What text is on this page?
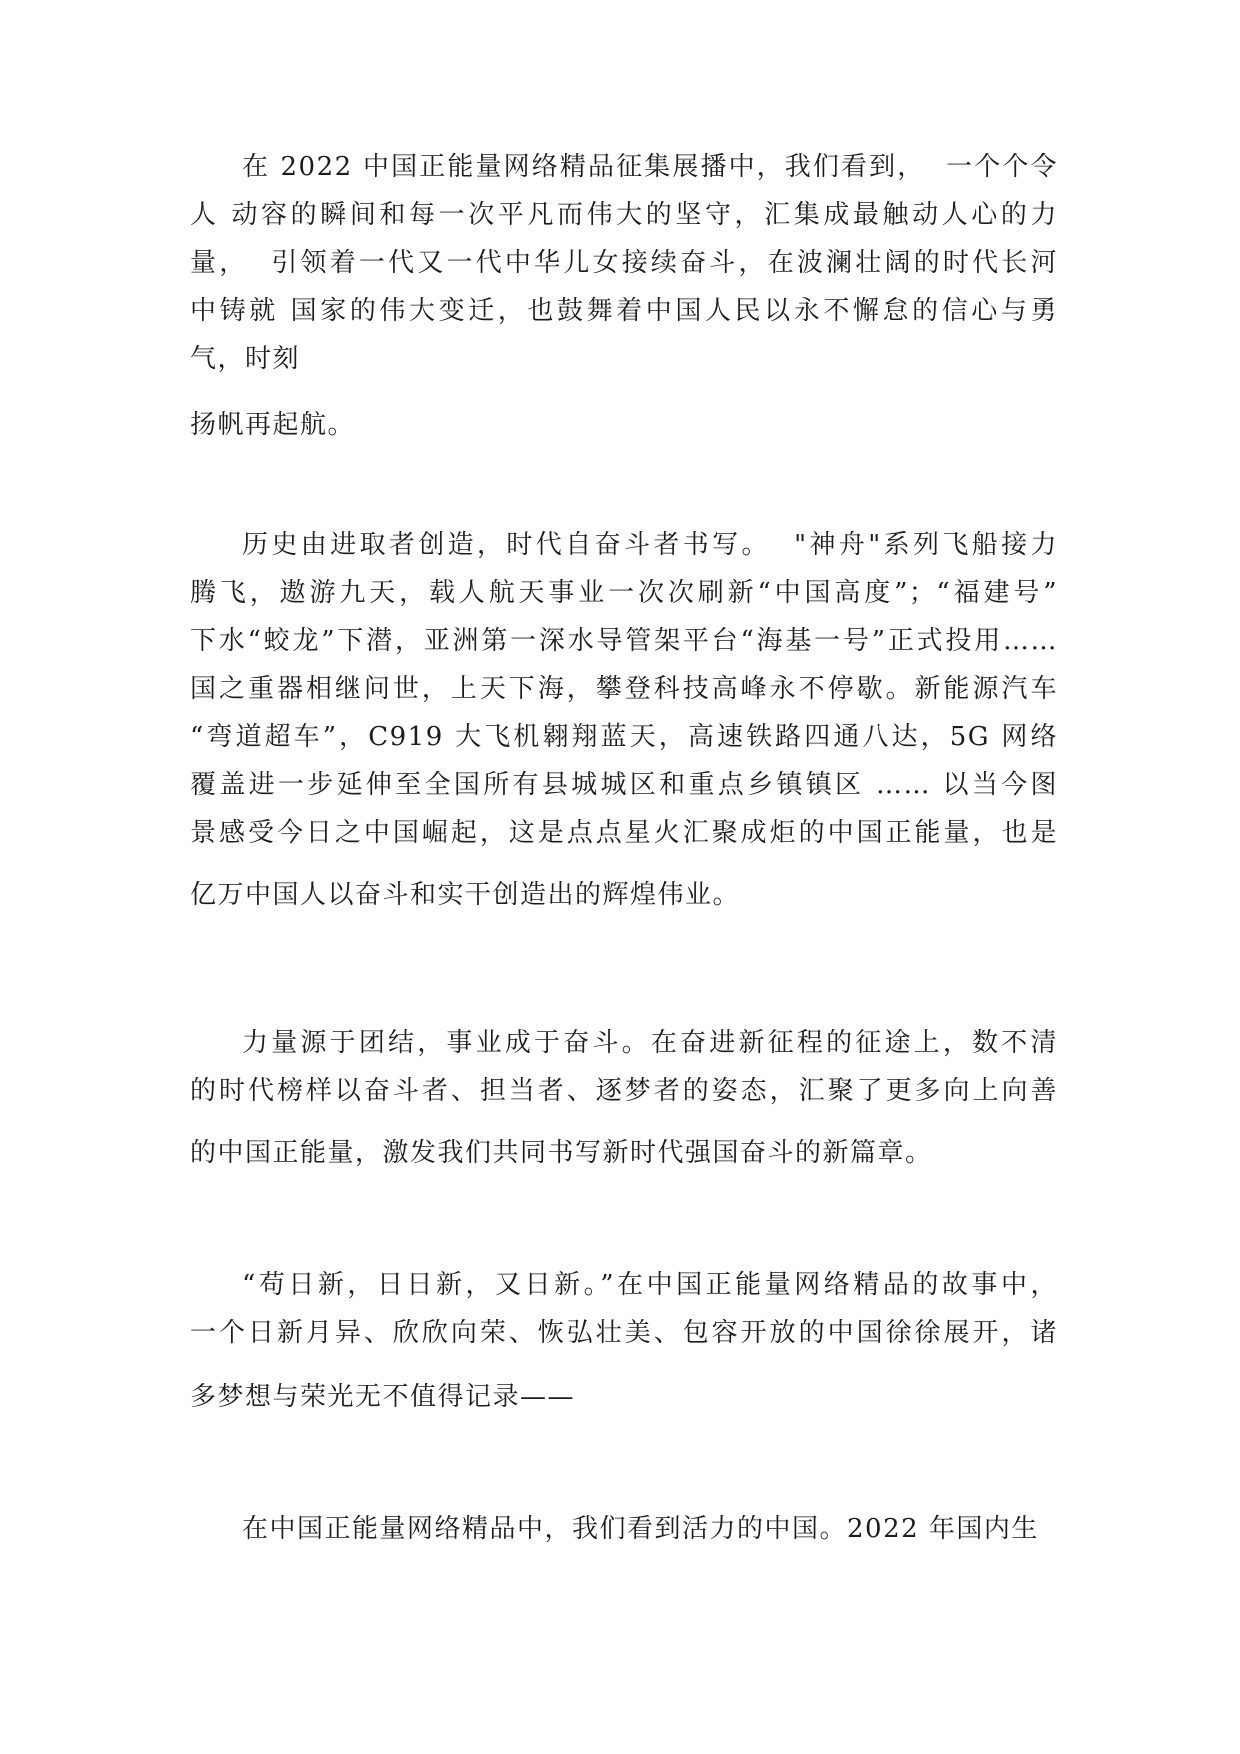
在 2022 中国正能量网络精品征集展播中，我们看到，  一个个令
人 动容的瞬间和每一次平凡而伟大的坚守，汇集成最触动人心的力
量，  引领着一代又一代中华儿女接续奋斗，在波澜壮阔的时代长河
中铸就 国家的伟大变迁，也鼓舞着中国人民以永不懈怠的信心与勇
气，时刻
扬帆再起航。
历史由进取者创造，时代自奋斗者书写。  "神舟"系列飞船接力
腾飞，遨游九天，载人航天事业一次次刷新“中国高度”；“福建号”
下水“蛟龙”下潜，亚洲第一深水导管架平台“海基一号”正式投用……
国之重器相继问世，上天下海，攀登科技高峰永不停歇。新能源汽车
“弯道超车”，C919 大飞机翱翔蓝天，高速铁路四通八达，5G 网络
覆盖进一步延伸至全国所有县城城区和重点乡镇镇区 …… 以当今图
景感受今日之中国崛起，这是点点星火汇聚成炬的中国正能量，也是
亿万中国人以奋斗和实干创造出的辉煌伟业。
力量源于团结，事业成于奋斗。在奋进新征程的征途上，数不清
的时代榜样以奋斗者、担当者、逐梦者的姿态，汇聚了更多向上向善
的中国正能量，激发我们共同书写新时代强国奋斗的新篇章。
“苟日新，日日新，又日新。”在中国正能量网络精品的故事中，
一个日新月异、欣欣向荣、恢弘壮美、包容开放的中国徐徐展开，诸
多梦想与荣光无不值得记录——
在中国正能量网络精品中，我们看到活力的中国。2022 年国内生
